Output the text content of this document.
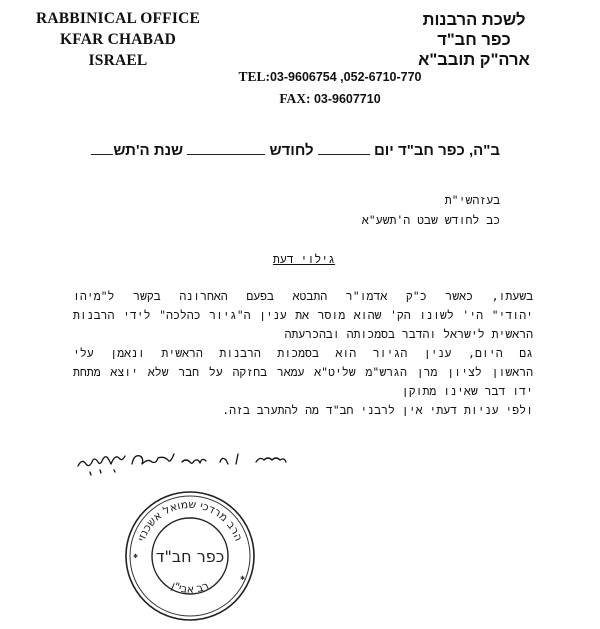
RABBINICAL OFFICE
KFAR CHABAD
ISRAEL
לשכת הרבנות
כפר חב"ד
ארה"ק תובב"א
TEL:03-9606754 ,052-6710-770
FAX: 03-9607710
ב"ה, כפר חב"ד יום  לחודש  שנת ה'תש
בעזהשי"ת
כב לחודש שבט ה'תשע"א
גילוי דעת

בשעתו, כאשר כ"ק אדמו"ר התבטא בפעם האחרונה בקשר ל"מיהו
יהודי" הי' לשונו הק' שהוא מוסר את ענין ה"גיור כהלכה" לידי הרבנות
הראשית לישראל והדבר בסמכותה ובהכרעתה

גם היום, ענין הגיור הוא בסמכות הרבנות הראשית ונאמן עלי
הראשון לציון מרן הגרש"מ שליט"א עמאר בחזקה על חבר שלא יוצא מתחת
ידו דבר שאינו מתוקן

ולפי עניות דעתי אין לרבני חב"ד מה להתערב בזה.

הרב מרדכי שמואל אשכנזי
רב אבי"ן
כפר חב"ד
✱
✱
